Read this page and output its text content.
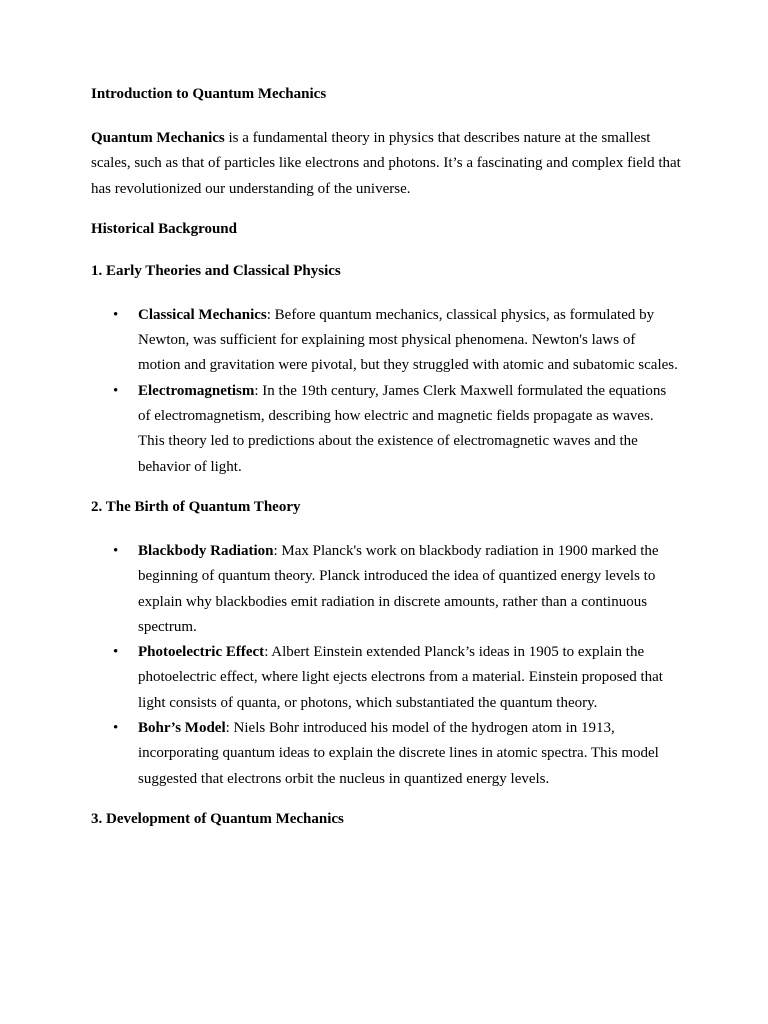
Introduction to Quantum Mechanics

Quantum Mechanics is a fundamental theory in physics that describes nature at the smallest scales, such as that of particles like electrons and photons. It’s a fascinating and complex field that has revolutionized our understanding of the universe.

Historical Background
1. Early Theories and Classical Physics
• Classical Mechanics: Before quantum mechanics, classical physics, as formulated by Newton, was sufficient for explaining most physical phenomena. Newton's laws of motion and gravitation were pivotal, but they struggled with atomic and subatomic scales.
• Electromagnetism: In the 19th century, James Clerk Maxwell formulated the equations of electromagnetism, describing how electric and magnetic fields propagate as waves. This theory led to predictions about the existence of electromagnetic waves and the behavior of light.
2. The Birth of Quantum Theory
• Blackbody Radiation: Max Planck's work on blackbody radiation in 1900 marked the beginning of quantum theory. Planck introduced the idea of quantized energy levels to explain why blackbodies emit radiation in discrete amounts, rather than a continuous spectrum.
• Photoelectric Effect: Albert Einstein extended Planck’s ideas in 1905 to explain the photoelectric effect, where light ejects electrons from a material. Einstein proposed that light consists of quanta, or photons, which substantiated the quantum theory.
• Bohr’s Model: Niels Bohr introduced his model of the hydrogen atom in 1913, incorporating quantum ideas to explain the discrete lines in atomic spectra. This model suggested that electrons orbit the nucleus in quantized energy levels.
3. Development of Quantum Mechanics
